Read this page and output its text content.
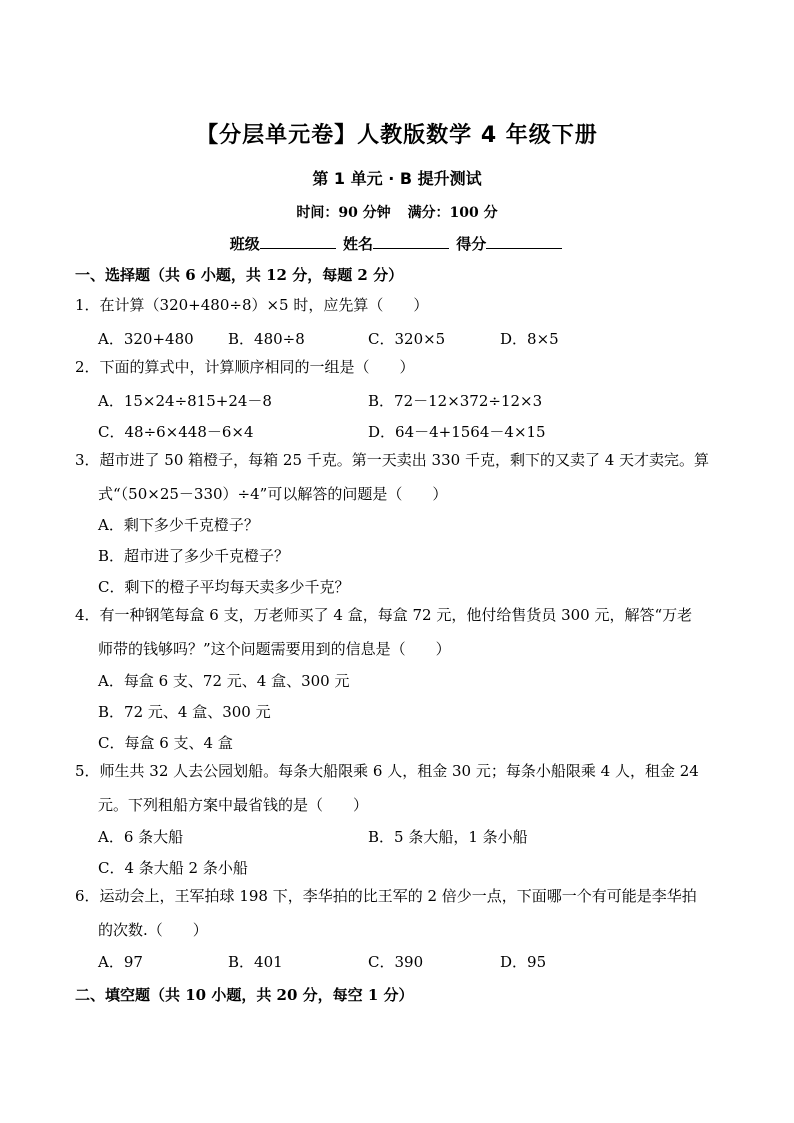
【分层单元卷】人教版数学 4 年级下册
第 1 单元 · B 提升测试
时间：90 分钟 满分：100 分
班级	姓名	得分
一、选择题（共 6 小题，共 12 分，每题 2 分）
1．在计算（320+480÷8）×5 时，应先算（　　）
A．320+480 B．480÷8	C．320×5	D．8×5
2．下面的算式中，计算顺序相同的一组是（　　）
A．15×24÷815+24－8	B．72－12×372÷12×3
C．48÷6×448－6×4	D．64－4+1564－4×15
3．超市进了 50 箱橙子，每箱 25 千克。第一天卖出 330 千克，剩下的又卖了 4 天才卖完。算
式“（50×25－330）÷4”可以解答的问题是（　　）
A．剩下多少千克橙子？
B．超市进了多少千克橙子？
C．剩下的橙子平均每天卖多少千克？
4．有一种钢笔每盒 6 支，万老师买了 4 盒，每盒 72 元，他付给售货员 300 元，解答“万老
师带的钱够吗？”这个问题需要用到的信息是（　　）
A．每盒 6 支、72 元、4 盒、300 元
B．72 元、4 盒、300 元
C．每盒 6 支、4 盒
5．师生共 32 人去公园划船。每条大船限乘 6 人，租金 30 元；每条小船限乘 4 人，租金 24
元。下列租船方案中最省钱的是（　　）
A．6 条大船	B．5 条大船，1 条小船
C．4 条大船 2 条小船
6．运动会上，王军拍球 198 下，李华拍的比王军的 2 倍少一点，下面哪一个有可能是李华拍
的次数.（　　）
A．97	B．401	C．390	D．95
二、填空题（共 10 小题，共 20 分，每空 1 分）
